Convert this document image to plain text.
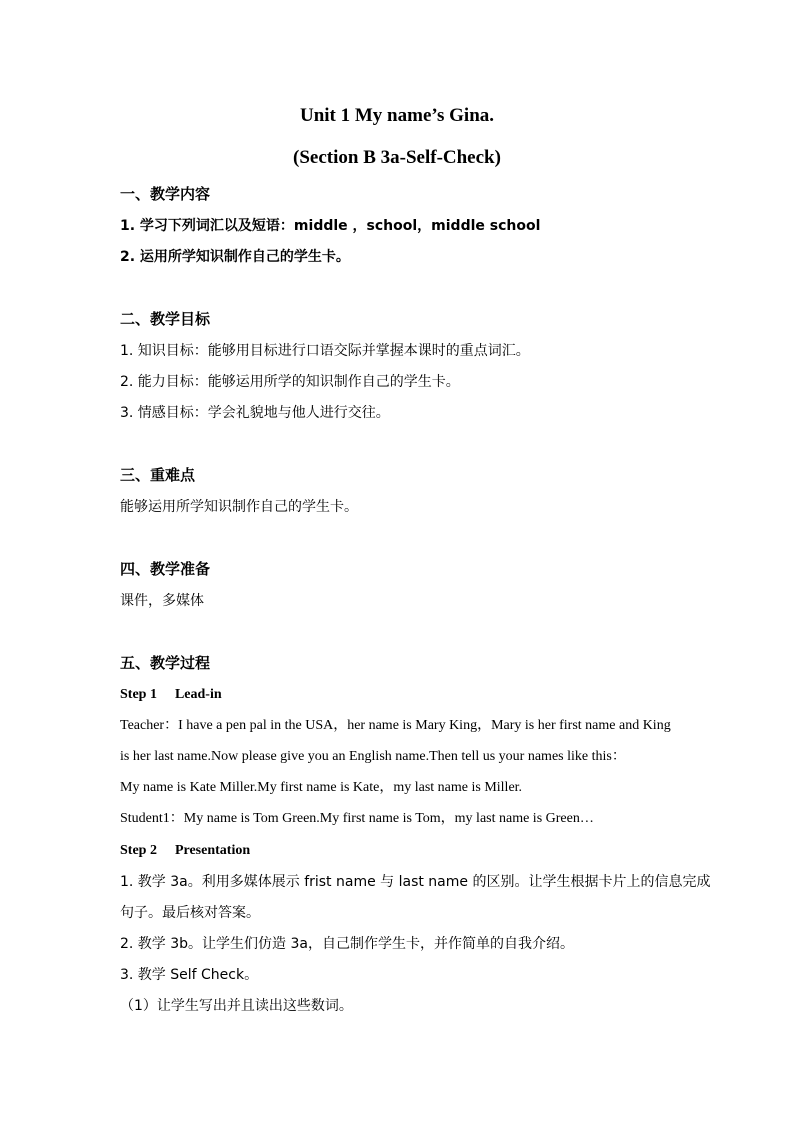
Unit 1 My name’s Gina.
(Section B 3a-Self-Check)
一、教学内容
1. 学习下列词汇以及短语：middle ，school，middle school
2. 运用所学知识制作自己的学生卡。
二、教学目标
1. 知识目标：能够用目标进行口语交际并掌握本课时的重点词汇。
2. 能力目标：能够运用所学的知识制作自己的学生卡。
3. 情感目标：学会礼貌地与他人进行交往。
三、重难点
能够运用所学知识制作自己的学生卡。
四、教学准备
课件，多媒体
五、教学过程
Step 1 Lead-in
Teacher：I have a pen pal in the USA，her name is Mary King，Mary is her first name and King
is her last name.Now please give you an English name.Then tell us your names like this：
My name is Kate Miller.My first name is Kate，my last name is Miller.
Student1：My name is Tom Green.My first name is Tom，my last name is Green…
Step 2 Presentation
1. 教学 3a。利用多媒体展示 frist name 与 last name 的区别。让学生根据卡片上的信息完成
句子。最后核对答案。
2. 教学 3b。让学生们仿造 3a，自己制作学生卡，并作简单的自我介绍。
3. 教学 Self Check。
（1）让学生写出并且读出这些数词。
